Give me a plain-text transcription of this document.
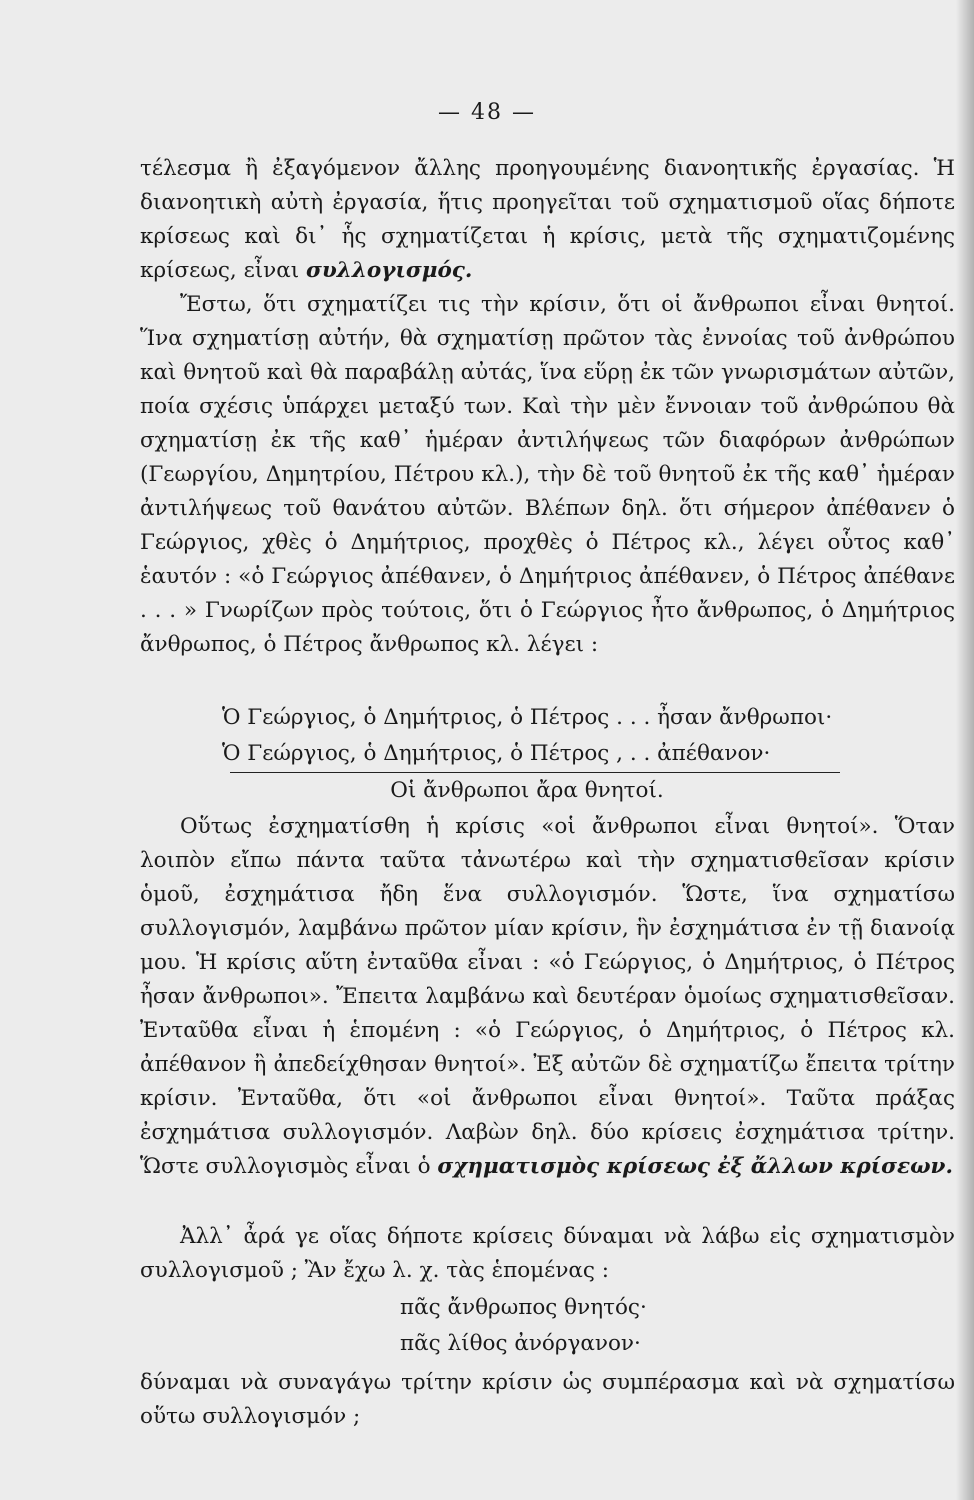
— 48 —

τέλεσμα ἢ ἐξαγόμενον ἄλλης προηγουμένης διανοητικῆς ἐργασίας. Ἡ διανοητικὴ αὐτὴ ἐργασία, ἥτις προηγεῖται τοῦ σχηματισμοῦ οἵας δήποτε κρίσεως καὶ δι᾿ ἧς σχηματίζεται ἡ κρίσις, μετὰ τῆς σχηματιζομένης κρίσεως, εἶναι συλλογισμός.

Ἔστω, ὅτι σχηματίζει τις τὴν κρίσιν, ὅτι οἱ ἄνθρωποι εἶναι θνητοί. Ἵνα σχηματίσῃ αὐτήν, θὰ σχηματίσῃ πρῶτον τὰς ἐννοίας τοῦ ἀνθρώπου καὶ θνητοῦ καὶ θὰ παραβάλῃ αὐτάς, ἵνα εὕρῃ ἐκ τῶν γνωρισμάτων αὐτῶν, ποία σχέσις ὑπάρχει μεταξύ των. Καὶ τὴν μὲν ἔννοιαν τοῦ ἀνθρώπου θὰ σχηματίσῃ ἐκ τῆς καθ᾿ ἡμέραν ἀντιλήψεως τῶν διαφόρων ἀνθρώπων (Γεωργίου, Δημητρίου, Πέτρου κλ.), τὴν δὲ τοῦ θνητοῦ ἐκ τῆς καθ᾿ ἡμέραν ἀντιλήψεως τοῦ θανάτου αὐτῶν. Βλέπων δηλ. ὅτι σήμερον ἀπέθανεν ὁ Γεώργιος, χθὲς ὁ Δημήτριος, προχθὲς ὁ Πέτρος κλ., λέγει οὗτος καθ᾿ ἑαυτόν : «ὁ Γεώργιος ἀπέθανεν, ὁ Δημήτριος ἀπέθανεν, ὁ Πέτρος ἀπέθανε . . . » Γνωρίζων πρὸς τούτοις, ὅτι ὁ Γεώργιος ἦτο ἄνθρωπος, ὁ Δημήτριος ἄνθρωπος, ὁ Πέτρος ἄνθρωπος κλ. λέγει :

Ὁ Γεώργιος, ὁ Δημήτριος, ὁ Πέτρος . . . ἦσαν ἄνθρωποι·
Ὁ Γεώργιος, ὁ Δημήτριος, ὁ Πέτρος , . . ἀπέθανον·
Οἱ ἄνθρωποι ἄρα θνητοί.

Οὕτως ἐσχηματίσθη ἡ κρίσις «οἱ ἄνθρωποι εἶναι θνητοί». Ὅταν λοιπὸν εἴπω πάντα ταῦτα τἀνωτέρω καὶ τὴν σχηματισθεῖσαν κρίσιν ὁμοῦ, ἐσχημάτισα ἤδη ἕνα συλλογισμόν. Ὥστε, ἵνα σχηματίσω συλλογισμόν, λαμβάνω πρῶτον μίαν κρίσιν, ἣν ἐσχημάτισα ἐν τῇ διανοίᾳ μου. Ἡ κρίσις αὕτη ἐνταῦθα εἶναι : «ὁ Γεώργιος, ὁ Δημήτριος, ὁ Πέτρος ἦσαν ἄνθρωποι». Ἔπειτα λαμβάνω καὶ δευτέραν ὁμοίως σχηματισθεῖσαν. Ἐνταῦθα εἶναι ἡ ἑπομένη : «ὁ Γεώργιος, ὁ Δημήτριος, ὁ Πέτρος κλ. ἀπέθανον ἢ ἀπεδείχθησαν θνητοί». Ἐξ αὐτῶν δὲ σχηματίζω ἔπειτα τρίτην κρίσιν. Ἐνταῦθα, ὅτι «οἱ ἄνθρωποι εἶναι θνητοί». Ταῦτα πράξας ἐσχημάτισα συλλογισμόν. Λαβὼν δηλ. δύο κρίσεις ἐσχημάτισα τρίτην. Ὥστε συλλογισμὸς εἶναι ὁ σχηματισμὸς κρίσεως ἐξ ἄλλων κρίσεων.

Ἀλλ᾿ ἆρά γε οἵας δήποτε κρίσεις δύναμαι νὰ λάβω εἰς σχηματισμὸν συλλογισμοῦ ; Ἂν ἔχω λ. χ. τὰς ἑπομένας :

πᾶς ἄνθρωπος θνητός·
πᾶς λίθος ἀνόργανον·

δύναμαι νὰ συναγάγω τρίτην κρίσιν ὡς συμπέρασμα καὶ νὰ σχηματίσω οὕτω συλλογισμόν ;
